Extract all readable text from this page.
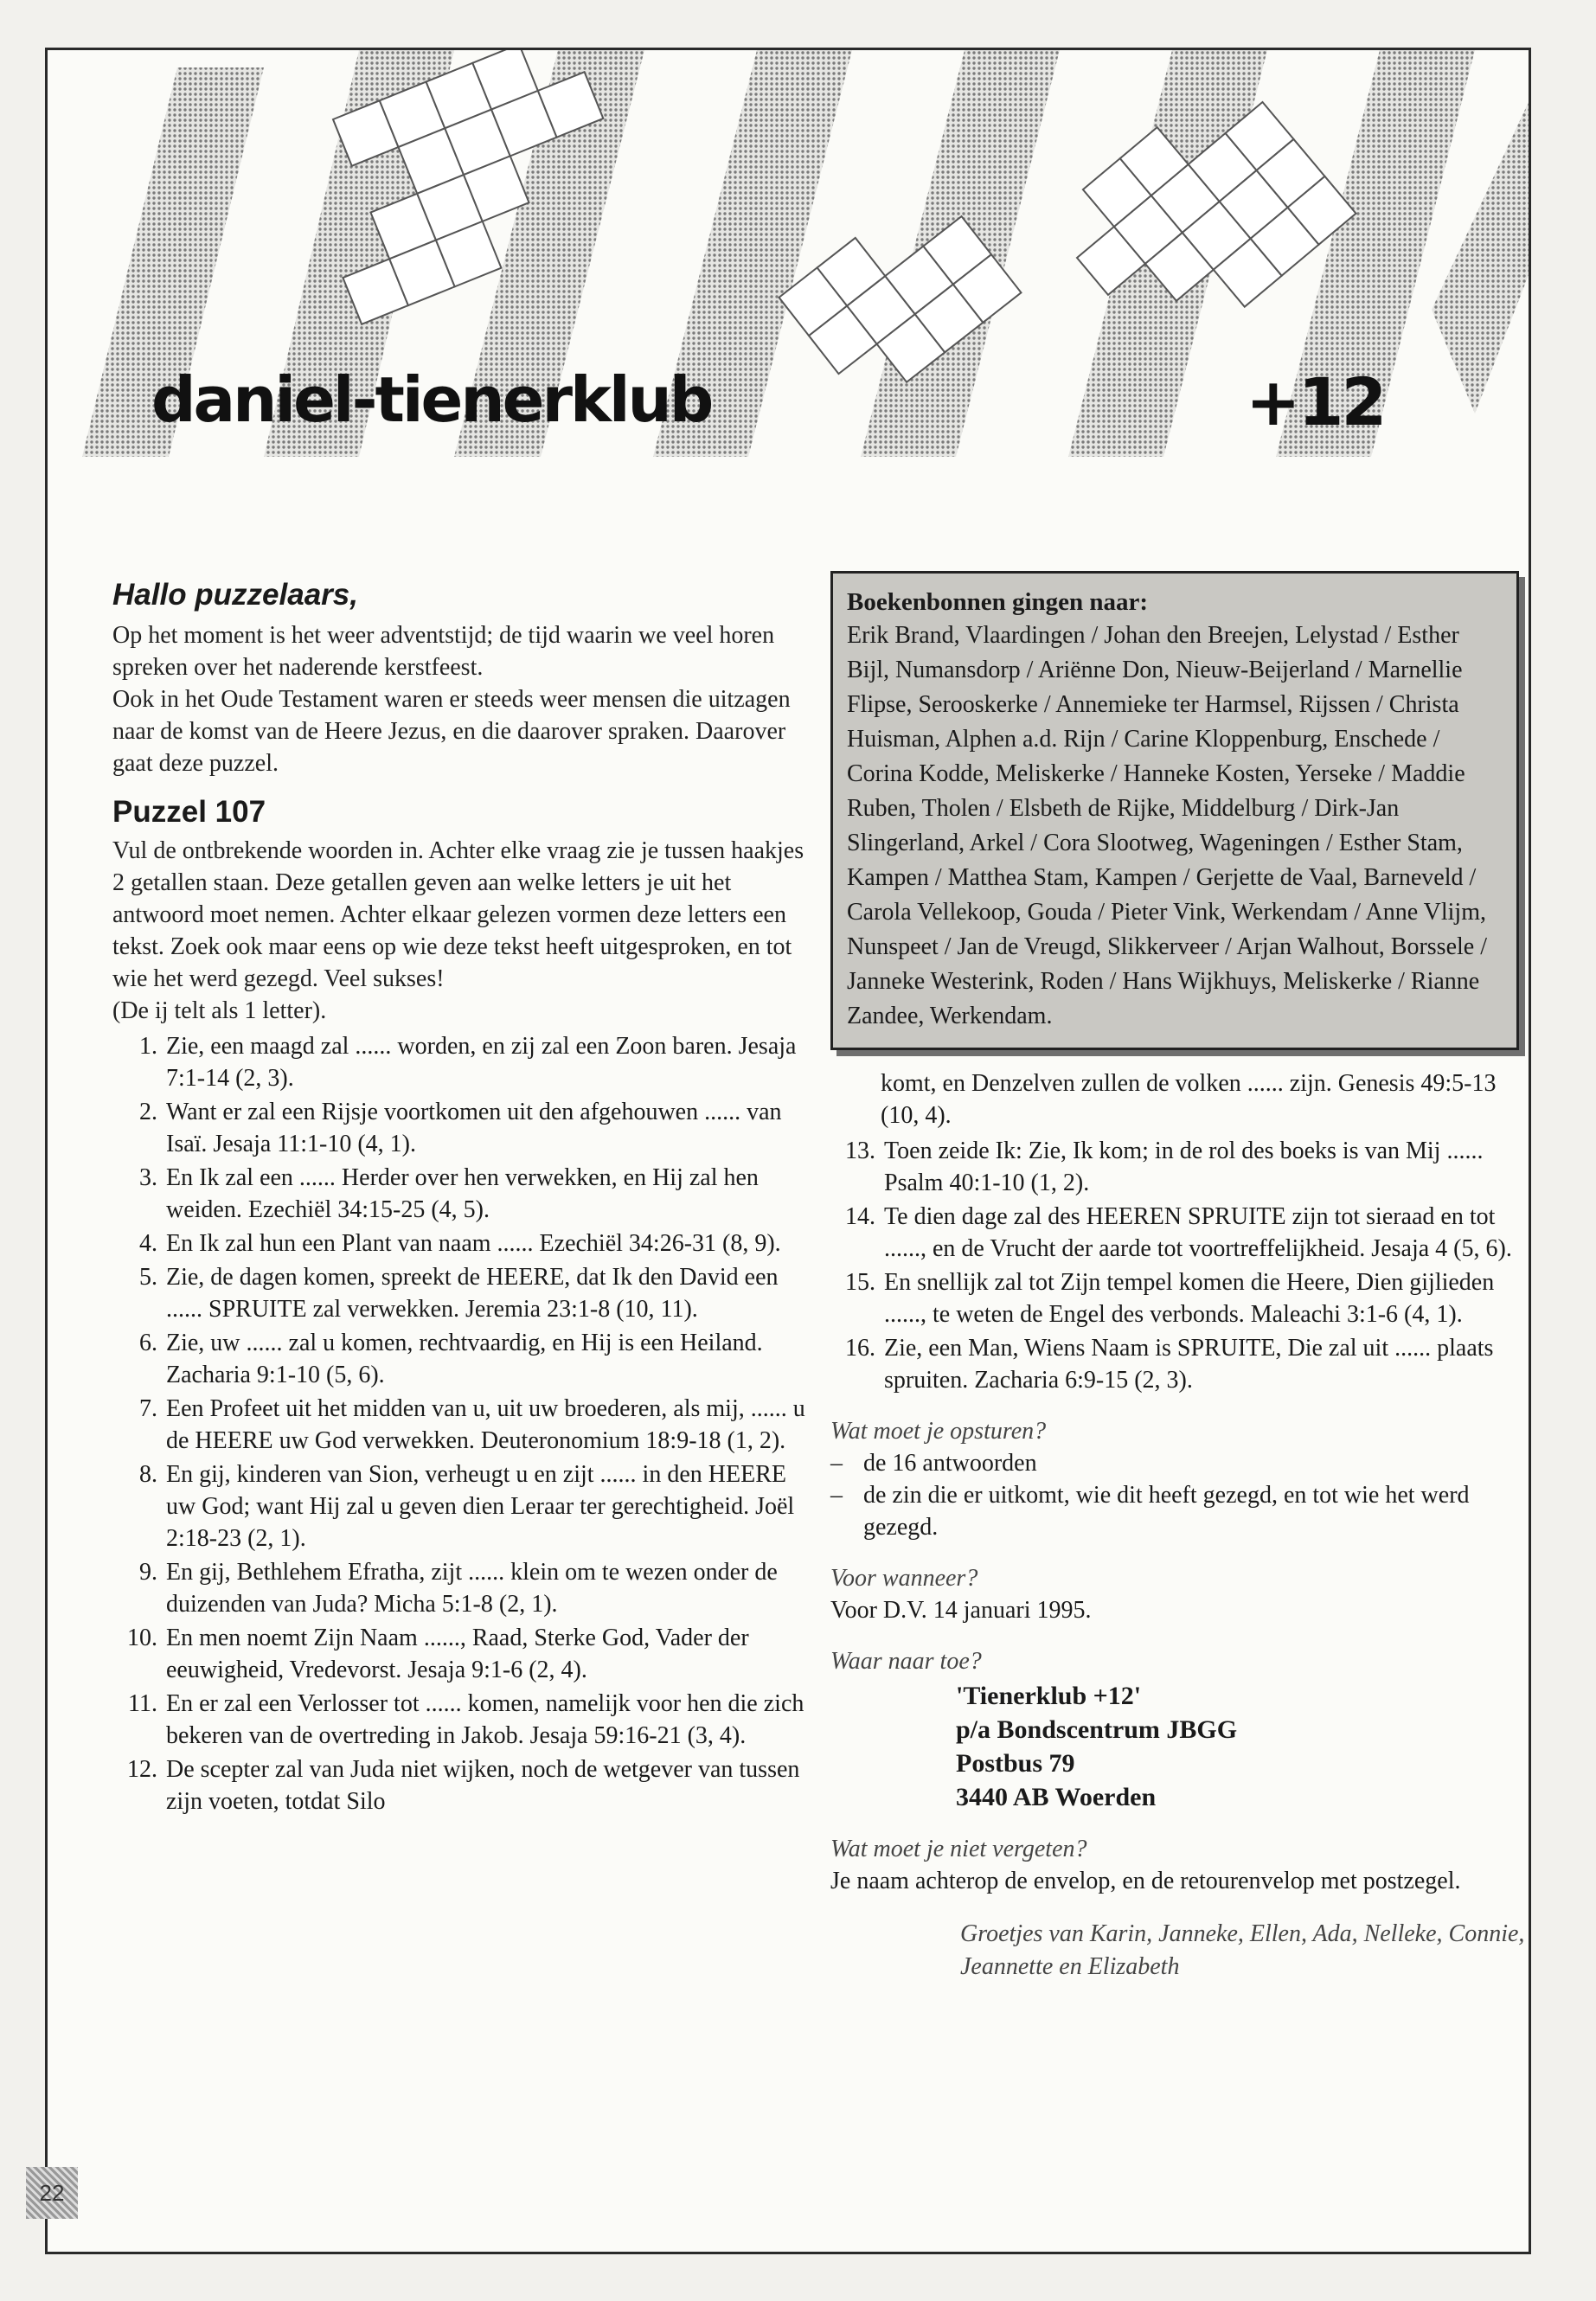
daniel-tienerklub	+12
Hallo puzzelaars,

Op het moment is het weer adventstijd; de tijd waarin we veel horen spreken over het naderende kerstfeest.

Ook in het Oude Testament waren er steeds weer mensen die uitzagen naar de komst van de Heere Jezus, en die daarover spraken. Daarover gaat deze puzzel.

Puzzel 107

Vul de ontbrekende woorden in. Achter elke vraag zie je tussen haakjes 2 getallen staan. Deze getallen geven aan welke letters je uit het antwoord moet nemen. Achter elkaar gelezen vormen deze letters een tekst. Zoek ook maar eens op wie deze tekst heeft uitgesproken, en tot wie het werd gezegd. Veel sukses!

(De ij telt als 1 letter).

1. Zie, een maagd zal ...... worden, en zij zal een Zoon baren. Jesaja 7:1-14 (2, 3).
2. Want er zal een Rijsje voortkomen uit den afgehouwen ...... van Isaï. Jesaja 11:1-10 (4, 1).
3. En Ik zal een ...... Herder over hen verwekken, en Hij zal hen weiden. Ezechiël 34:15-25 (4, 5).
4. En Ik zal hun een Plant van naam ...... Ezechiël 34:26-31 (8, 9).
5. Zie, de dagen komen, spreekt de HEERE, dat Ik den David een ...... SPRUITE zal verwekken. Jeremia 23:1-8 (10, 11).
6. Zie, uw ...... zal u komen, rechtvaardig, en Hij is een Heiland. Zacharia 9:1-10 (5, 6).
7. Een Profeet uit het midden van u, uit uw broederen, als mij, ...... u de HEERE uw God verwekken. Deuteronomium 18:9-18 (1, 2).
8. En gij, kinderen van Sion, verheugt u en zijt ...... in den HEERE uw God; want Hij zal u geven dien Leraar ter gerechtigheid. Joël 2:18-23 (2, 1).
9. En gij, Bethlehem Efratha, zijt ...... klein om te wezen onder de duizenden van Juda? Micha 5:1-8 (2, 1).
10. En men noemt Zijn Naam ......, Raad, Sterke God, Vader der eeuwigheid, Vredevorst. Jesaja 9:1-6 (2, 4).
11. En er zal een Verlosser tot ...... komen, namelijk voor hen die zich bekeren van de overtreding in Jakob. Jesaja 59:16-21 (3, 4).
12. De scepter zal van Juda niet wijken, noch de wetgever van tussen zijn voeten, totdat Silo
Boekenbonnen gingen naar:
Erik Brand, Vlaardingen / Johan den Breejen, Lelystad / Esther Bijl, Numansdorp / Ariënne Don, Nieuw-Beijerland / Marnellie Flipse, Serooskerke / Annemieke ter Harmsel, Rijssen / Christa Huisman, Alphen a.d. Rijn / Carine Kloppenburg, Enschede / Corina Kodde, Meliskerke / Hanneke Kosten, Yerseke / Maddie Ruben, Tholen / Elsbeth de Rijke, Middelburg / Dirk-Jan Slingerland, Arkel / Cora Slootweg, Wageningen / Esther Stam, Kampen / Matthea Stam, Kampen / Gerjette de Vaal, Barneveld / Carola Vellekoop, Gouda / Pieter Vink, Werkendam / Anne Vlijm, Nunspeet / Jan de Vreugd, Slikkerveer / Arjan Walhout, Borssele / Janneke Westerink, Roden / Hans Wijkhuys, Meliskerke / Rianne Zandee, Werkendam.
komt, en Denzelven zullen de volken ...... zijn. Genesis 49:5-13 (10, 4).
13. Toen zeide Ik: Zie, Ik kom; in de rol des boeks is van Mij ...... Psalm 40:1-10 (1, 2).
14. Te dien dage zal des HEEREN SPRUITE zijn tot sieraad en tot ......, en de Vrucht der aarde tot voortreffelijkheid. Jesaja 4 (5, 6).
15. En snellijk zal tot Zijn tempel komen die Heere, Dien gijlieden ......, te weten de Engel des verbonds. Maleachi 3:1-6 (4, 1).
16. Zie, een Man, Wiens Naam is SPRUITE, Die zal uit ...... plaats spruiten. Zacharia 6:9-15 (2, 3).

Wat moet je opsturen?

– de 16 antwoorden
– de zin die er uitkomt, wie dit heeft gezegd, en tot wie het werd gezegd.

Voor wanneer?

Voor D.V. 14 januari 1995.

Waar naar toe?

'Tienerklub +12'
p/a Bondscentrum JBGG
Postbus 79
3440 AB Woerden

Wat moet je niet vergeten?

Je naam achterop de envelop, en de retourenvelop met postzegel.

Groetjes van Karin, Janneke, Ellen, Ada, Nelleke, Connie, Jeannette en Elizabeth
22
